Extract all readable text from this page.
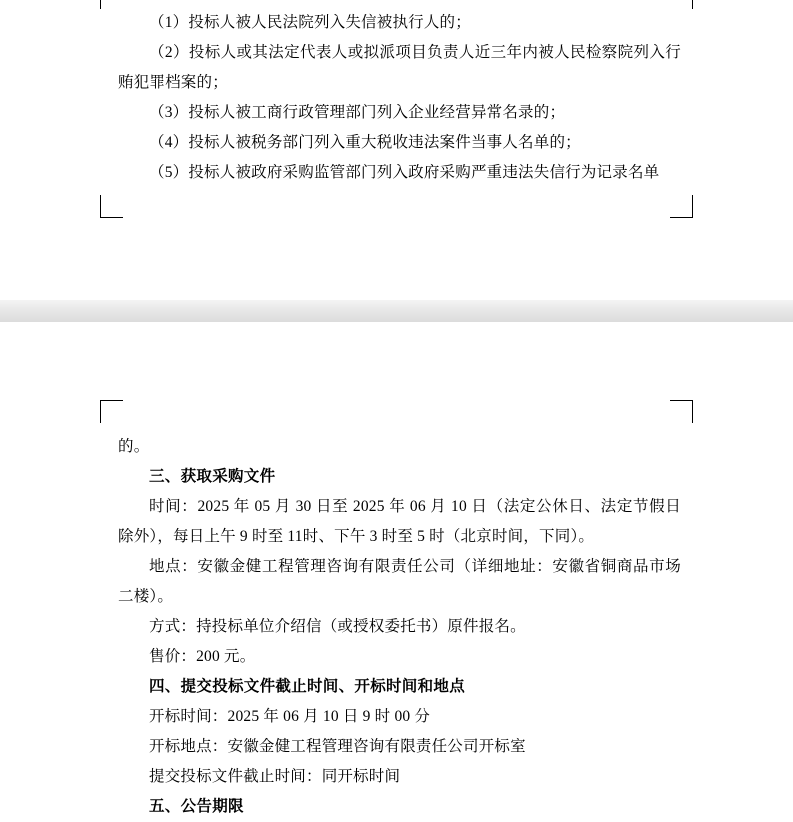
（1）投标人被人民法院列入失信被执行人的；

（2）投标人或其法定代表人或拟派项目负责人近三年内被人民检察院列入行贿犯罪档案的；

（3）投标人被工商行政管理部门列入企业经营异常名录的；

（4）投标人被税务部门列入重大税收违法案件当事人名单的；

（5）投标人被政府采购监管部门列入政府采购严重违法失信行为记录名单

的。

三、获取采购文件

时间：2025 年 05 月 30 日至 2025 年 06 月 10 日（法定公休日、法定节假日除外），每日上午 9 时至 11时、下午 3 时至 5 时（北京时间，下同）。

地点：安徽金健工程管理咨询有限责任公司（详细地址：安徽省铜商品市场二楼）。

方式：持投标单位介绍信（或授权委托书）原件报名。

售价：200 元。

四、提交投标文件截止时间、开标时间和地点

开标时间：2025 年 06 月 10 日 9 时 00 分

开标地点：安徽金健工程管理咨询有限责任公司开标室

提交投标文件截止时间：同开标时间

五、公告期限
